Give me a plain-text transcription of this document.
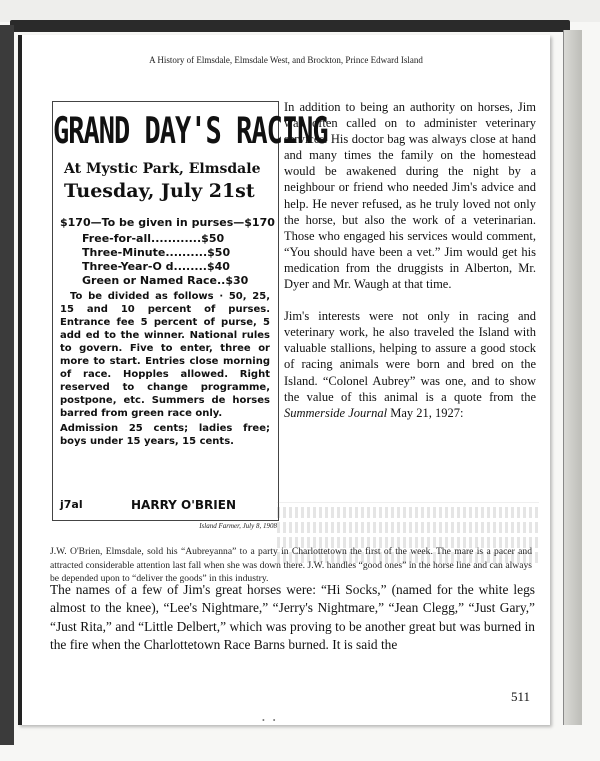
A History of Elmsdale, Elmsdale West, and Brockton, Prince Edward Island
GRAND DAY'S RACING
At Mystic Park, Elmsdale
Tuesday, July 21st
$170—To be given in purses—$170
Free-for-all............$50
Three-Minute..........$50
Three-Year-O d........$40
Green or Named Race..$30
To be divided as follows · 50, 25, 15 and 10 percent of purses. Entrance fee 5 percent of purse, 5 add ed to the winner. National rules to govern. Five to enter, three or more to start. Entries close morning of race. Hopples allowed. Right reserved to change programme, postpone, etc. Summers de horses barred from green race only.
Admission 25 cents; ladies free; boys under 15 years, 15 cents.
j7al	HARRY O'BRIEN
Island Farmer, July 8, 1908

In addition to being an authority on horses, Jim was often called on to administer veterinary services. His doctor bag was always close at hand and many times the family on the homestead would be awakened during the night by a neighbour or friend who needed Jim's advice and help. He never refused, as he truly loved not only the horse, but also the work of a veterinarian. Those who engaged his services would comment, “You should have been a vet.” Jim would get his medication from the druggists in Alberton, Mr. Dyer and Mr. Waugh at that time.

Jim's interests were not only in racing and veterinary work, he also traveled the Island with valuable stallions, helping to assure a good stock of racing animals were born and bred on the Island. “Colonel Aubrey” was one, and to show the value of this animal is a quote from the Summerside Journal May 21, 1927:

J.W. O'Brien, Elmsdale, sold his “Aubreyanna” to a party in Charlottetown the first of the week. The mare is a pacer and attracted considerable attention last fall when she was down there. J.W. handles “good ones” in the horse line and can always be depended upon to “deliver the goods” in this industry.
The names of a few of Jim's great horses were: “Hi Socks,” (named for the white legs almost to the knee), “Lee's Nightmare,” “Jerry's Nightmare,” “Jean Clegg,” “Just Gary,” “Just Rita,” and “Little Delbert,” which was proving to be another great but was burned in the fire when the Charlottetown Race Barns burned. It is said the
• •
511
